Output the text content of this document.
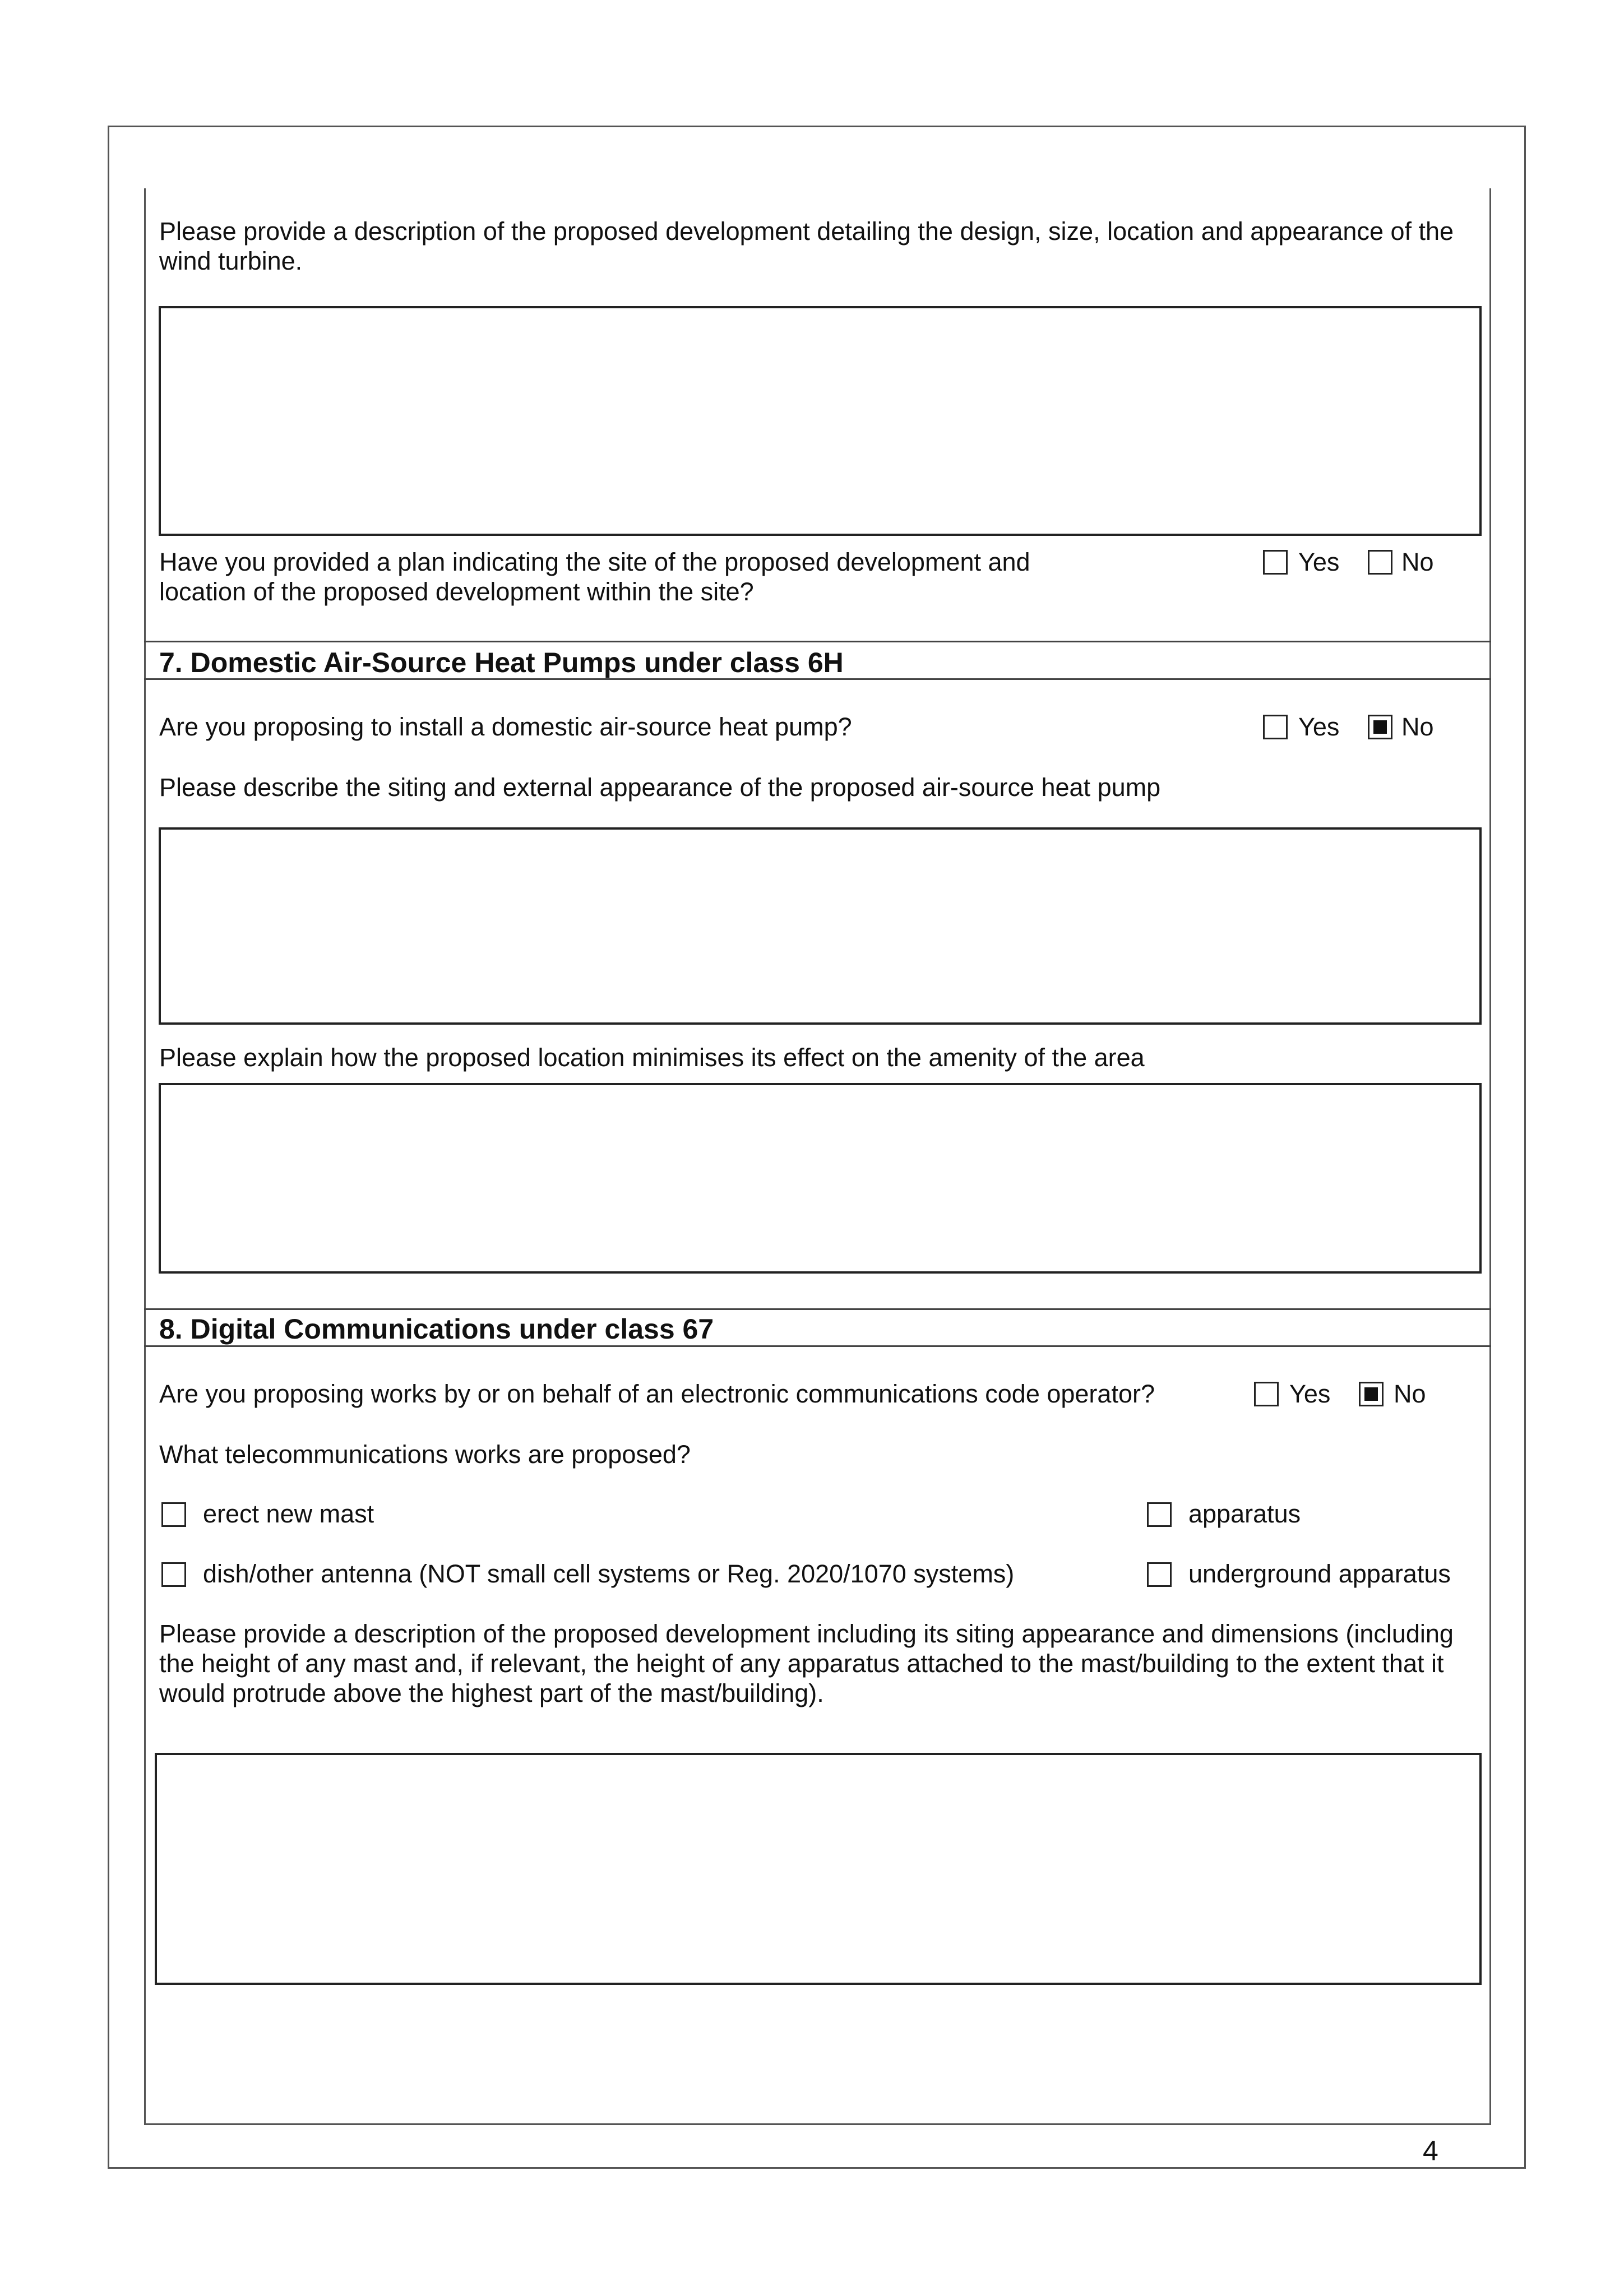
Please provide a description of the proposed development detailing the design, size, location and appearance of the wind turbine.
Have you provided a plan indicating the site of the proposed development and location of the proposed development within the site?
Yes No
7. Domestic Air-Source Heat Pumps under class 6H
Are you proposing to install a domestic air-source heat pump?	Yes No
Please describe the siting and external appearance of the proposed air-source heat pump
Please explain how the proposed location minimises its effect on the amenity of the area
8. Digital Communications under class 67
Are you proposing works by or on behalf of an electronic communications code operator?	Yes	No
What telecommunications works are proposed?
erect new mast	apparatus
dish/other antenna (NOT small cell systems or Reg. 2020/1070 systems)	underground apparatus
Please provide a description of the proposed development including its siting appearance and dimensions (including the height of any mast and, if relevant, the height of any apparatus attached to the mast/building to the extent that it would protrude above the highest part of the mast/building).
4
